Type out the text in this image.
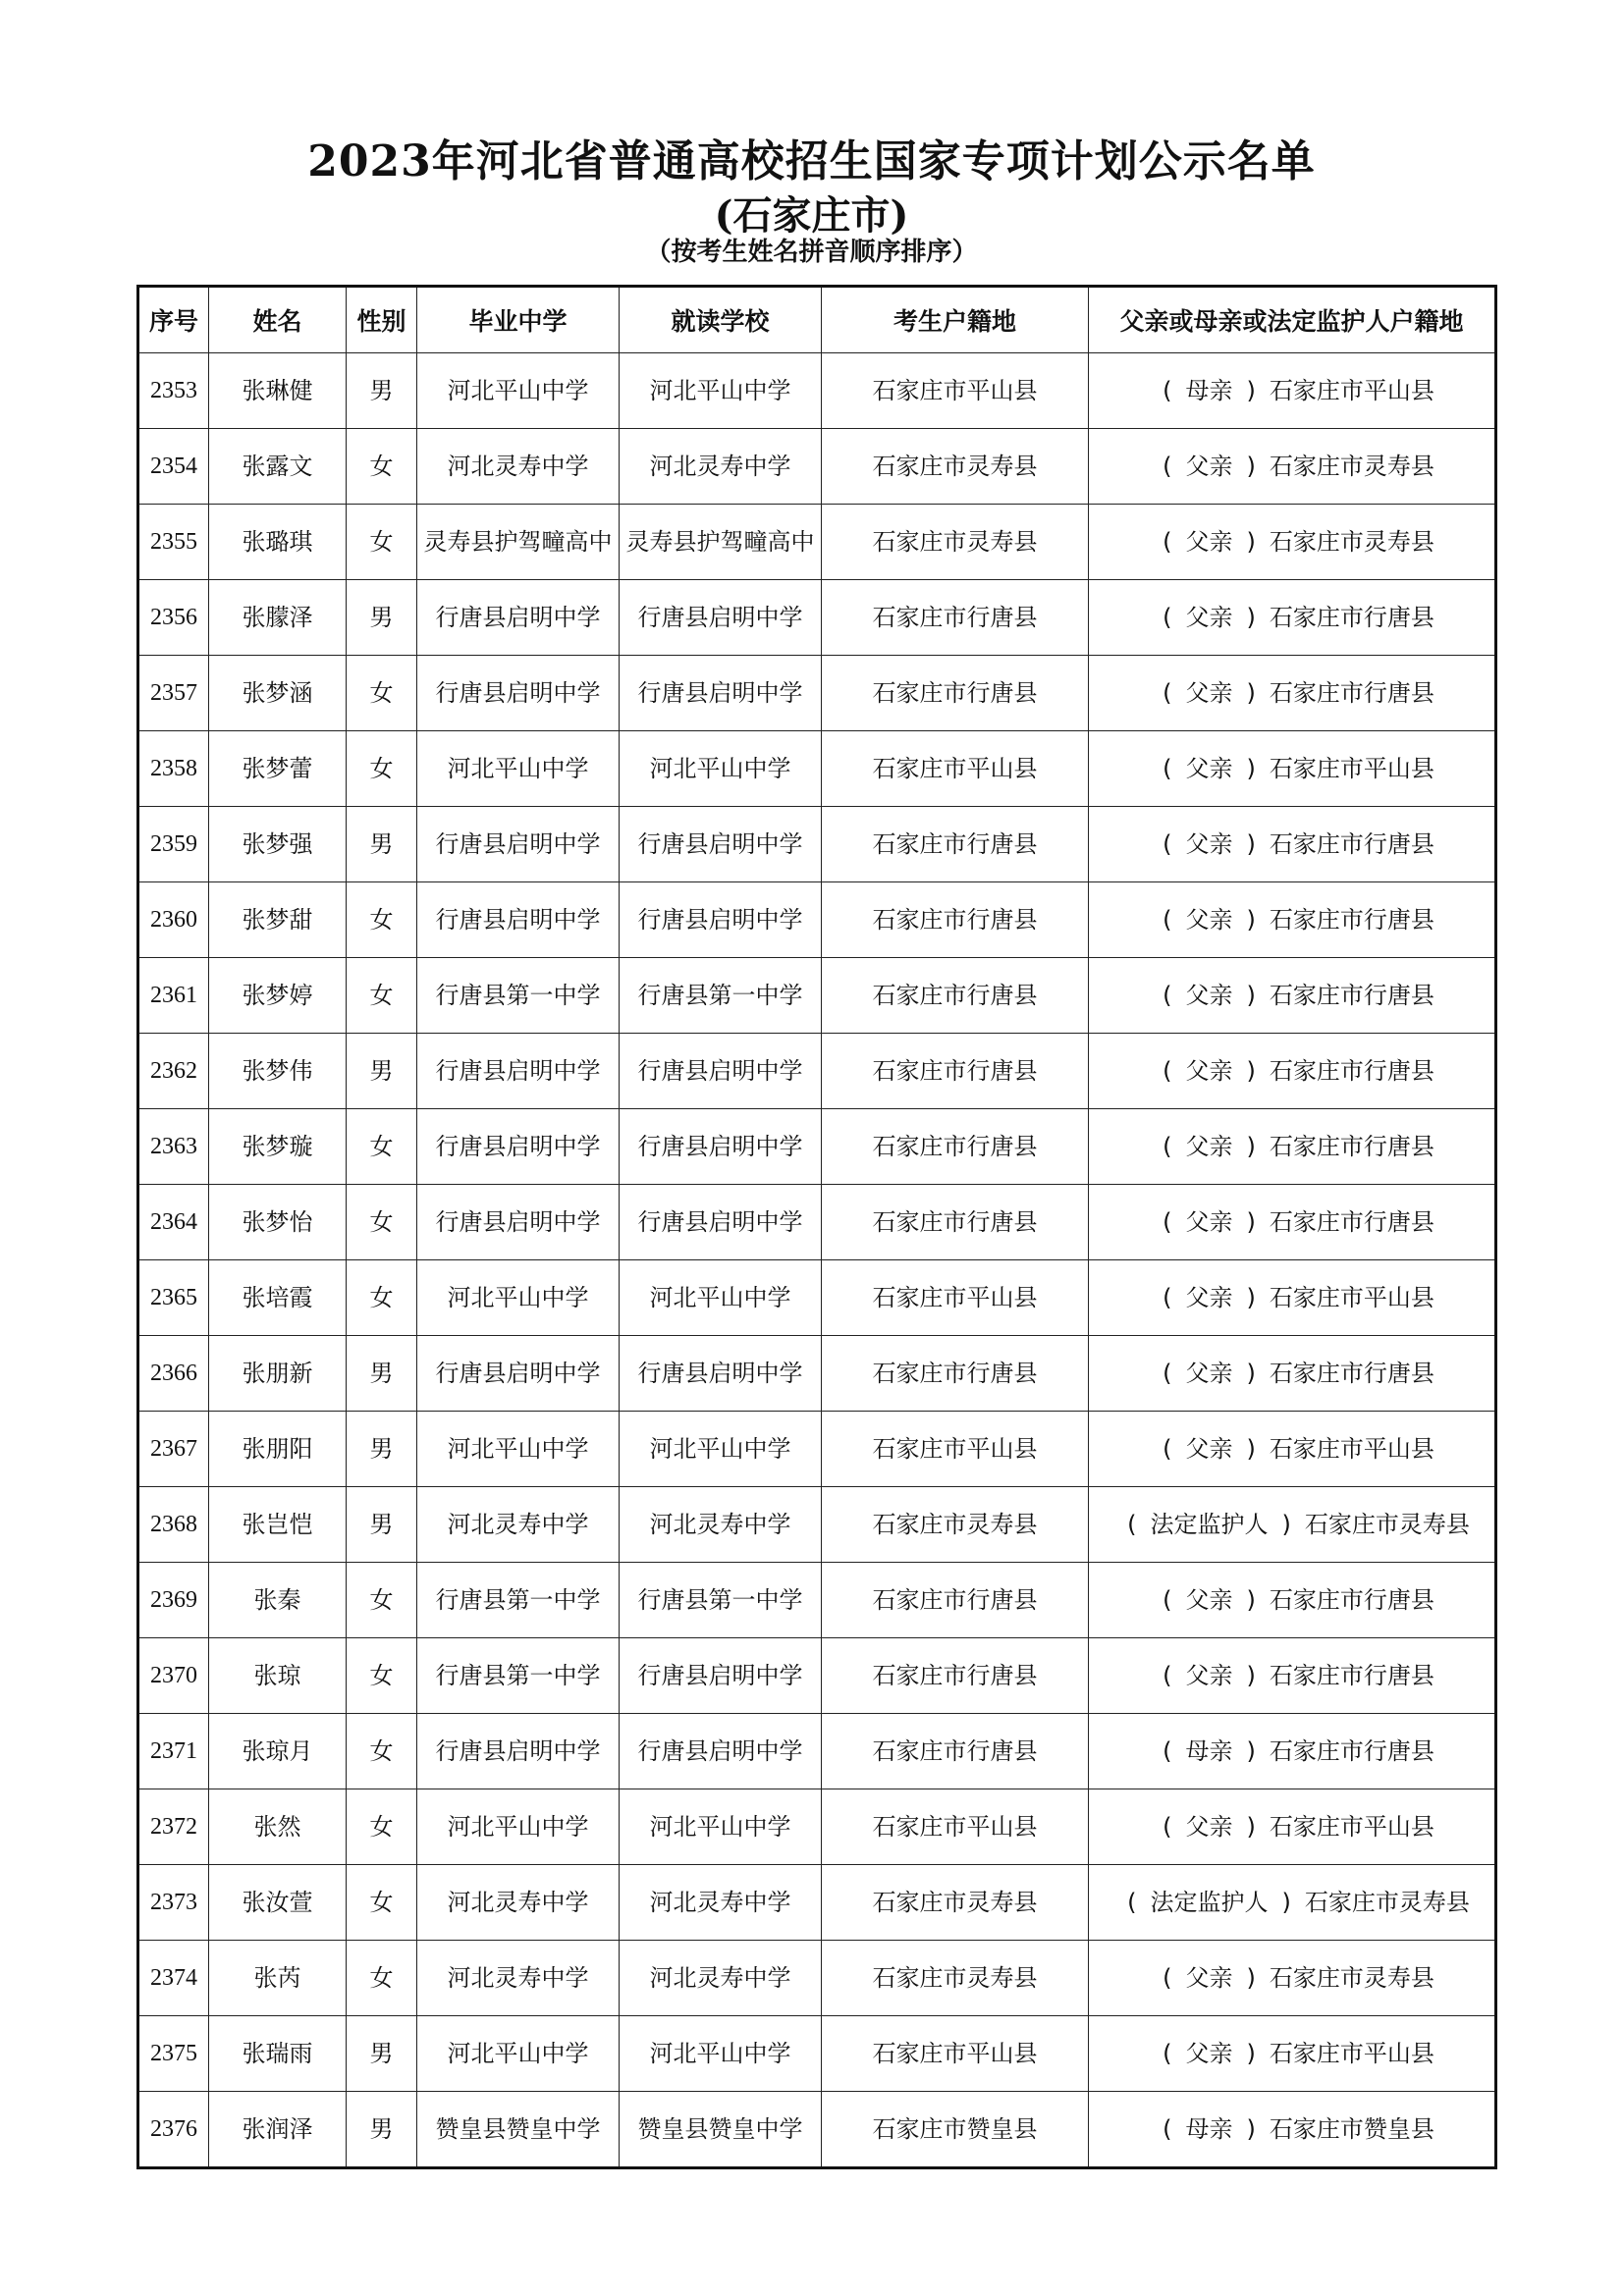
2023年河北省普通高校招生国家专项计划公示名单
(石家庄市)
（按考生姓名拼音顺序排序）
序号	姓名	性别	毕业中学	就读学校	考生户籍地	父亲或母亲或法定监护人户籍地
2353	张琳健	男	河北平山中学	河北平山中学	石家庄市平山县	( 母亲 ) 石家庄市平山县
2354	张露文	女	河北灵寿中学	河北灵寿中学	石家庄市灵寿县	( 父亲 ) 石家庄市灵寿县
2355	张璐琪	女	灵寿县护驾疃高中	灵寿县护驾疃高中	石家庄市灵寿县	( 父亲 ) 石家庄市灵寿县
2356	张朦泽	男	行唐县启明中学	行唐县启明中学	石家庄市行唐县	( 父亲 ) 石家庄市行唐县
2357	张梦涵	女	行唐县启明中学	行唐县启明中学	石家庄市行唐县	( 父亲 ) 石家庄市行唐县
2358	张梦蕾	女	河北平山中学	河北平山中学	石家庄市平山县	( 父亲 ) 石家庄市平山县
2359	张梦强	男	行唐县启明中学	行唐县启明中学	石家庄市行唐县	( 父亲 ) 石家庄市行唐县
2360	张梦甜	女	行唐县启明中学	行唐县启明中学	石家庄市行唐县	( 父亲 ) 石家庄市行唐县
2361	张梦婷	女	行唐县第一中学	行唐县第一中学	石家庄市行唐县	( 父亲 ) 石家庄市行唐县
2362	张梦伟	男	行唐县启明中学	行唐县启明中学	石家庄市行唐县	( 父亲 ) 石家庄市行唐县
2363	张梦璇	女	行唐县启明中学	行唐县启明中学	石家庄市行唐县	( 父亲 ) 石家庄市行唐县
2364	张梦怡	女	行唐县启明中学	行唐县启明中学	石家庄市行唐县	( 父亲 ) 石家庄市行唐县
2365	张培霞	女	河北平山中学	河北平山中学	石家庄市平山县	( 父亲 ) 石家庄市平山县
2366	张朋新	男	行唐县启明中学	行唐县启明中学	石家庄市行唐县	( 父亲 ) 石家庄市行唐县
2367	张朋阳	男	河北平山中学	河北平山中学	石家庄市平山县	( 父亲 ) 石家庄市平山县
2368	张岂恺	男	河北灵寿中学	河北灵寿中学	石家庄市灵寿县	( 法定监护人 ) 石家庄市灵寿县
2369	张秦	女	行唐县第一中学	行唐县第一中学	石家庄市行唐县	( 父亲 ) 石家庄市行唐县
2370	张琼	女	行唐县第一中学	行唐县启明中学	石家庄市行唐县	( 父亲 ) 石家庄市行唐县
2371	张琼月	女	行唐县启明中学	行唐县启明中学	石家庄市行唐县	( 母亲 ) 石家庄市行唐县
2372	张然	女	河北平山中学	河北平山中学	石家庄市平山县	( 父亲 ) 石家庄市平山县
2373	张汝萱	女	河北灵寿中学	河北灵寿中学	石家庄市灵寿县	( 法定监护人 ) 石家庄市灵寿县
2374	张芮	女	河北灵寿中学	河北灵寿中学	石家庄市灵寿县	( 父亲 ) 石家庄市灵寿县
2375	张瑞雨	男	河北平山中学	河北平山中学	石家庄市平山县	( 父亲 ) 石家庄市平山县
2376	张润泽	男	赞皇县赞皇中学	赞皇县赞皇中学	石家庄市赞皇县	( 母亲 ) 石家庄市赞皇县
